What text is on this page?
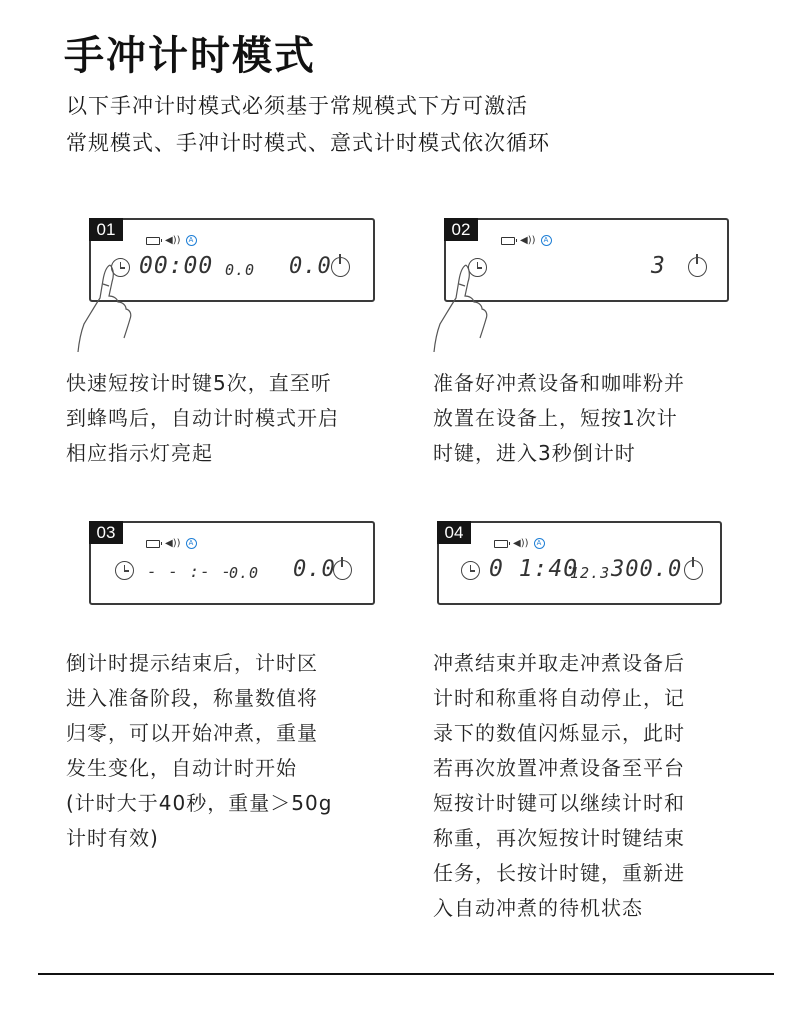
手冲计时模式
以下手冲计时模式必须基于常规模式下方可激活
常规模式、手冲计时模式、意式计时模式依次循环
01
◀))	A
00:00 0.0 0.0
快速短按计时键5次，直至听
到蜂鸣后，自动计时模式开启
相应指示灯亮起
02
◀))	A
3
准备好冲煮设备和咖啡粉并
放置在设备上，短按1次计
时键，进入3秒倒计时
03
◀))	A
- - :- -
0.0 0.0
倒计时提示结束后，计时区
进入准备阶段，称量数值将
归零，可以开始冲煮，重量
发生变化，自动计时开始
(计时大于40秒，重量＞50g
计时有效)
04
◀))	A
0 1:40
12.3 300.0
冲煮结束并取走冲煮设备后
计时和称重将自动停止，记
录下的数值闪烁显示，此时
若再次放置冲煮设备至平台
短按计时键可以继续计时和
称重，再次短按计时键结束
任务，长按计时键，重新进
入自动冲煮的待机状态
